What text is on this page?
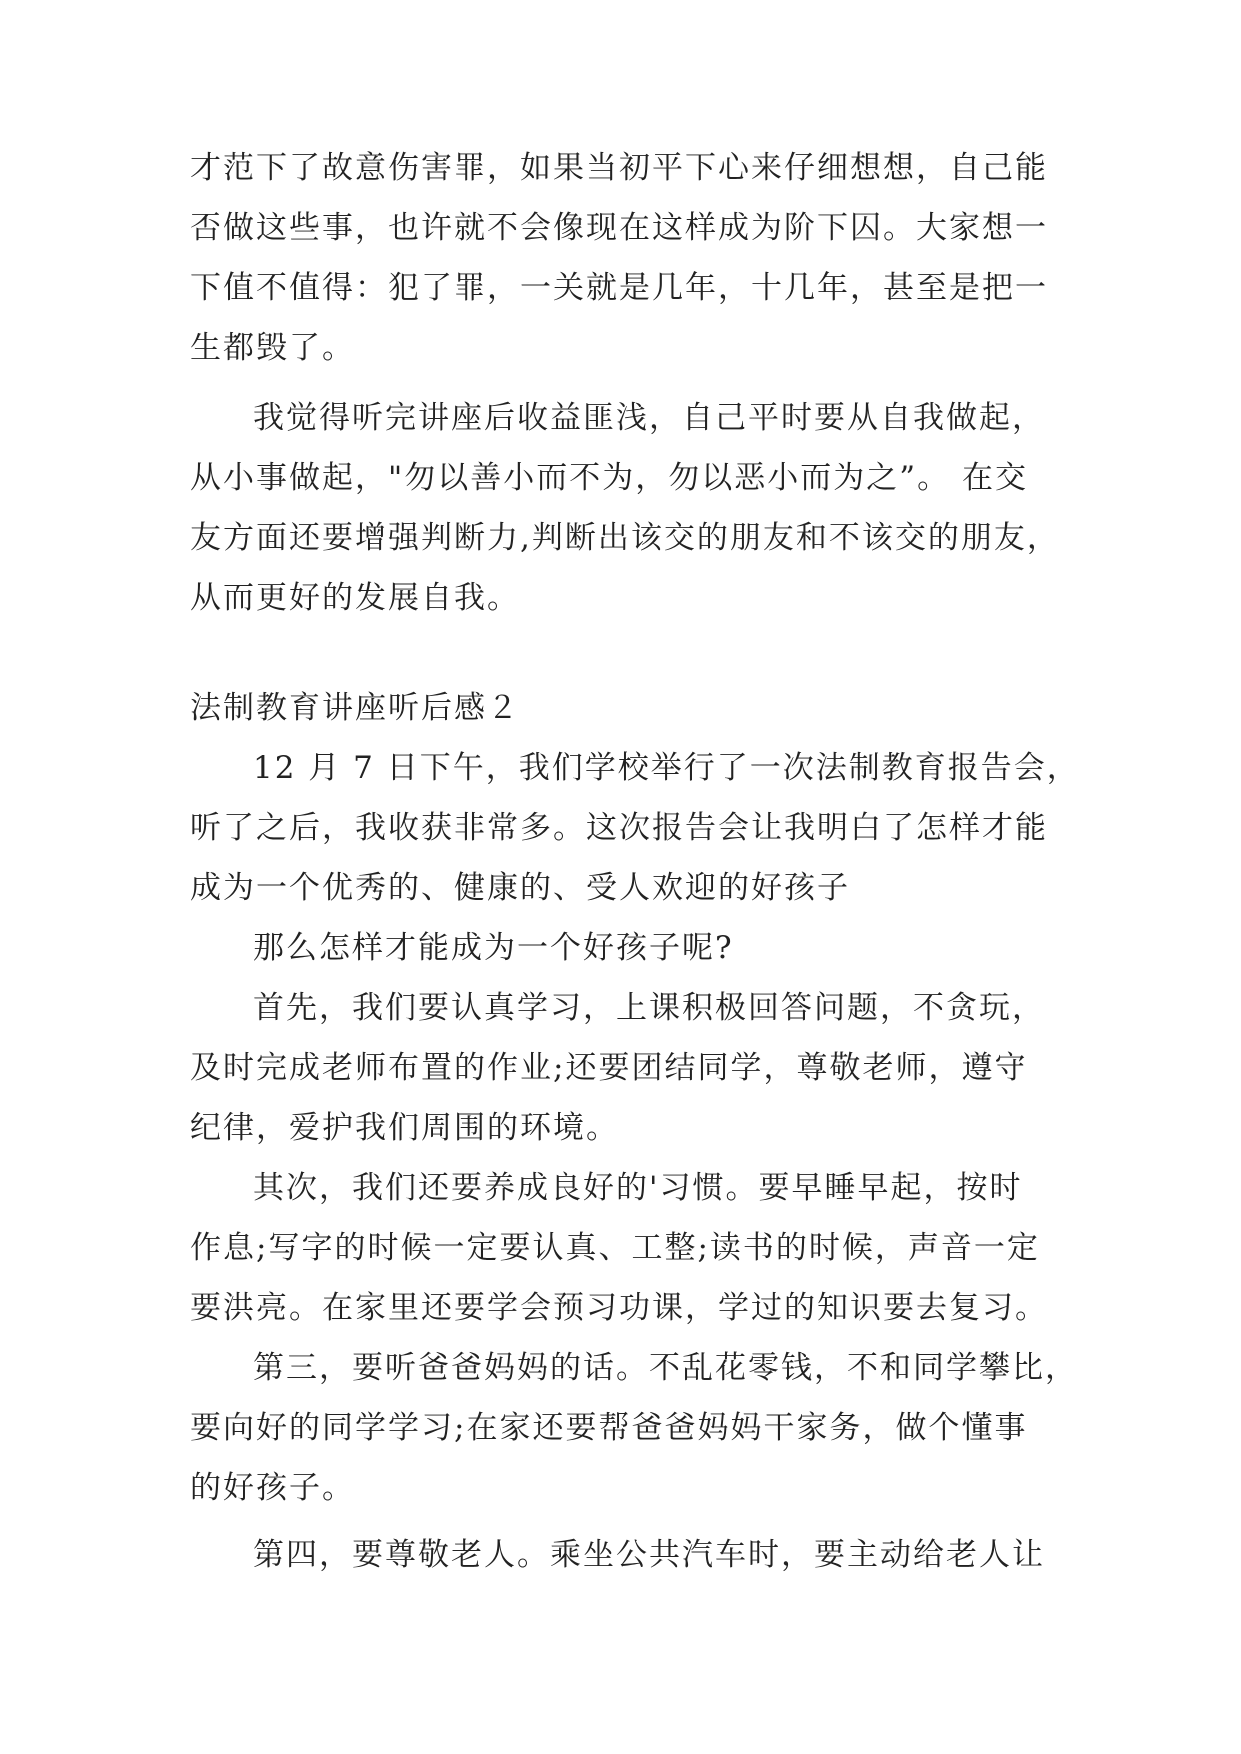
才范下了故意伤害罪，如果当初平下心来仔细想想，自己能
否做这些事，也许就不会像现在这样成为阶下囚。大家想一
下值不值得：犯了罪，一关就是几年，十几年，甚至是把一
生都毁了。
我觉得听完讲座后收益匪浅，自己平时要从自我做起，
从小事做起，"勿以善小而不为，勿以恶小而为之”。 在交
友方面还要增强判断力,判断出该交的朋友和不该交的朋友，
从而更好的发展自我。
法制教育讲座听后感２
12 月 7 日下午，我们学校举行了一次法制教育报告会，
听了之后，我收获非常多。这次报告会让我明白了怎样才能
成为一个优秀的、健康的、受人欢迎的好孩子
那么怎样才能成为一个好孩子呢?
首先，我们要认真学习，上课积极回答问题，不贪玩，
及时完成老师布置的作业;还要团结同学，尊敬老师，遵守
纪律，爱护我们周围的环境。
其次，我们还要养成良好的'习惯。要早睡早起，按时
作息;写字的时候一定要认真、工整;读书的时候，声音一定
要洪亮。在家里还要学会预习功课，学过的知识要去复习。
第三，要听爸爸妈妈的话。不乱花零钱，不和同学攀比，
要向好的同学学习;在家还要帮爸爸妈妈干家务，做个懂事
的好孩子。
第四，要尊敬老人。乘坐公共汽车时，要主动给老人让
